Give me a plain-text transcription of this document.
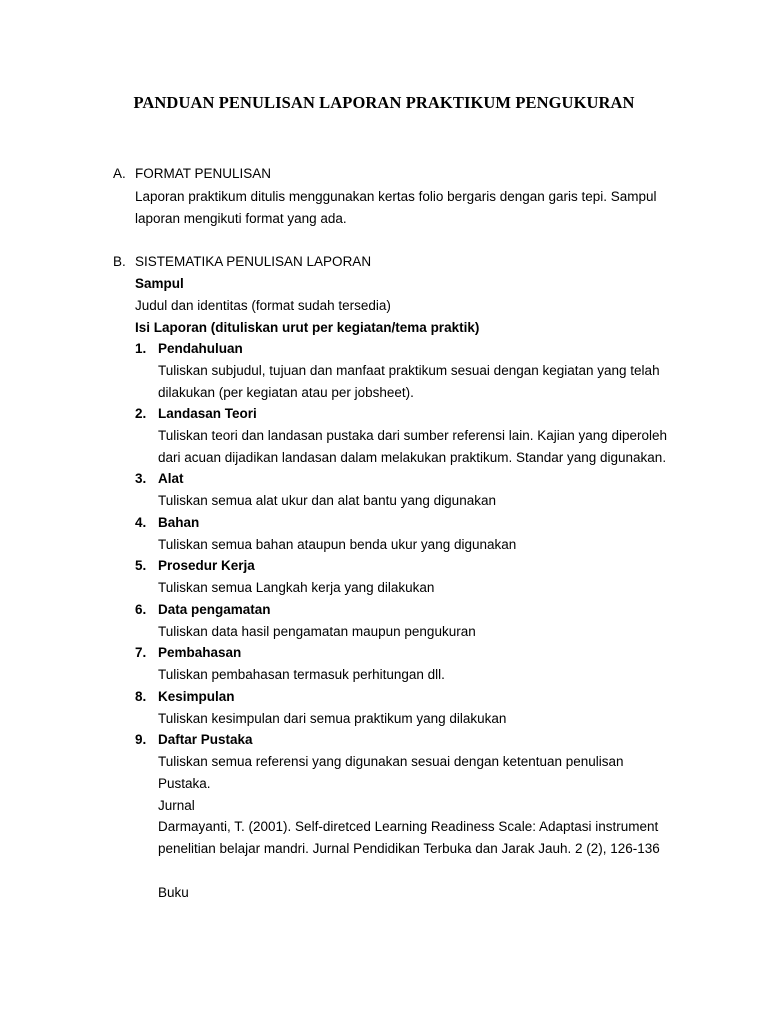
PANDUAN PENULISAN LAPORAN PRAKTIKUM PENGUKURAN
A. FORMAT PENULISAN
Laporan praktikum ditulis menggunakan kertas folio bergaris dengan garis tepi. Sampul
laporan mengikuti format yang ada.
B. SISTEMATIKA PENULISAN LAPORAN
Sampul
Judul dan identitas (format sudah tersedia)
Isi Laporan (dituliskan urut per kegiatan/tema praktik)
1. Pendahuluan
Tuliskan subjudul, tujuan dan manfaat praktikum sesuai dengan kegiatan yang telah
dilakukan (per kegiatan atau per jobsheet).
2. Landasan Teori
Tuliskan teori dan landasan pustaka dari sumber referensi lain. Kajian yang diperoleh
dari acuan dijadikan landasan dalam melakukan praktikum. Standar yang digunakan.
3. Alat
Tuliskan semua alat ukur dan alat bantu yang digunakan
4. Bahan
Tuliskan semua bahan ataupun benda ukur yang digunakan
5. Prosedur Kerja
Tuliskan semua Langkah kerja yang dilakukan
6. Data pengamatan
Tuliskan data hasil pengamatan maupun pengukuran
7. Pembahasan
Tuliskan pembahasan termasuk perhitungan dll.
8. Kesimpulan
Tuliskan kesimpulan dari semua praktikum yang dilakukan
9. Daftar Pustaka
Tuliskan semua referensi yang digunakan sesuai dengan ketentuan penulisan
Pustaka.
Jurnal
Darmayanti, T. (2001). Self-diretced Learning Readiness Scale: Adaptasi instrument
penelitian belajar mandri. Jurnal Pendidikan Terbuka dan Jarak Jauh. 2 (2), 126-136
Buku
